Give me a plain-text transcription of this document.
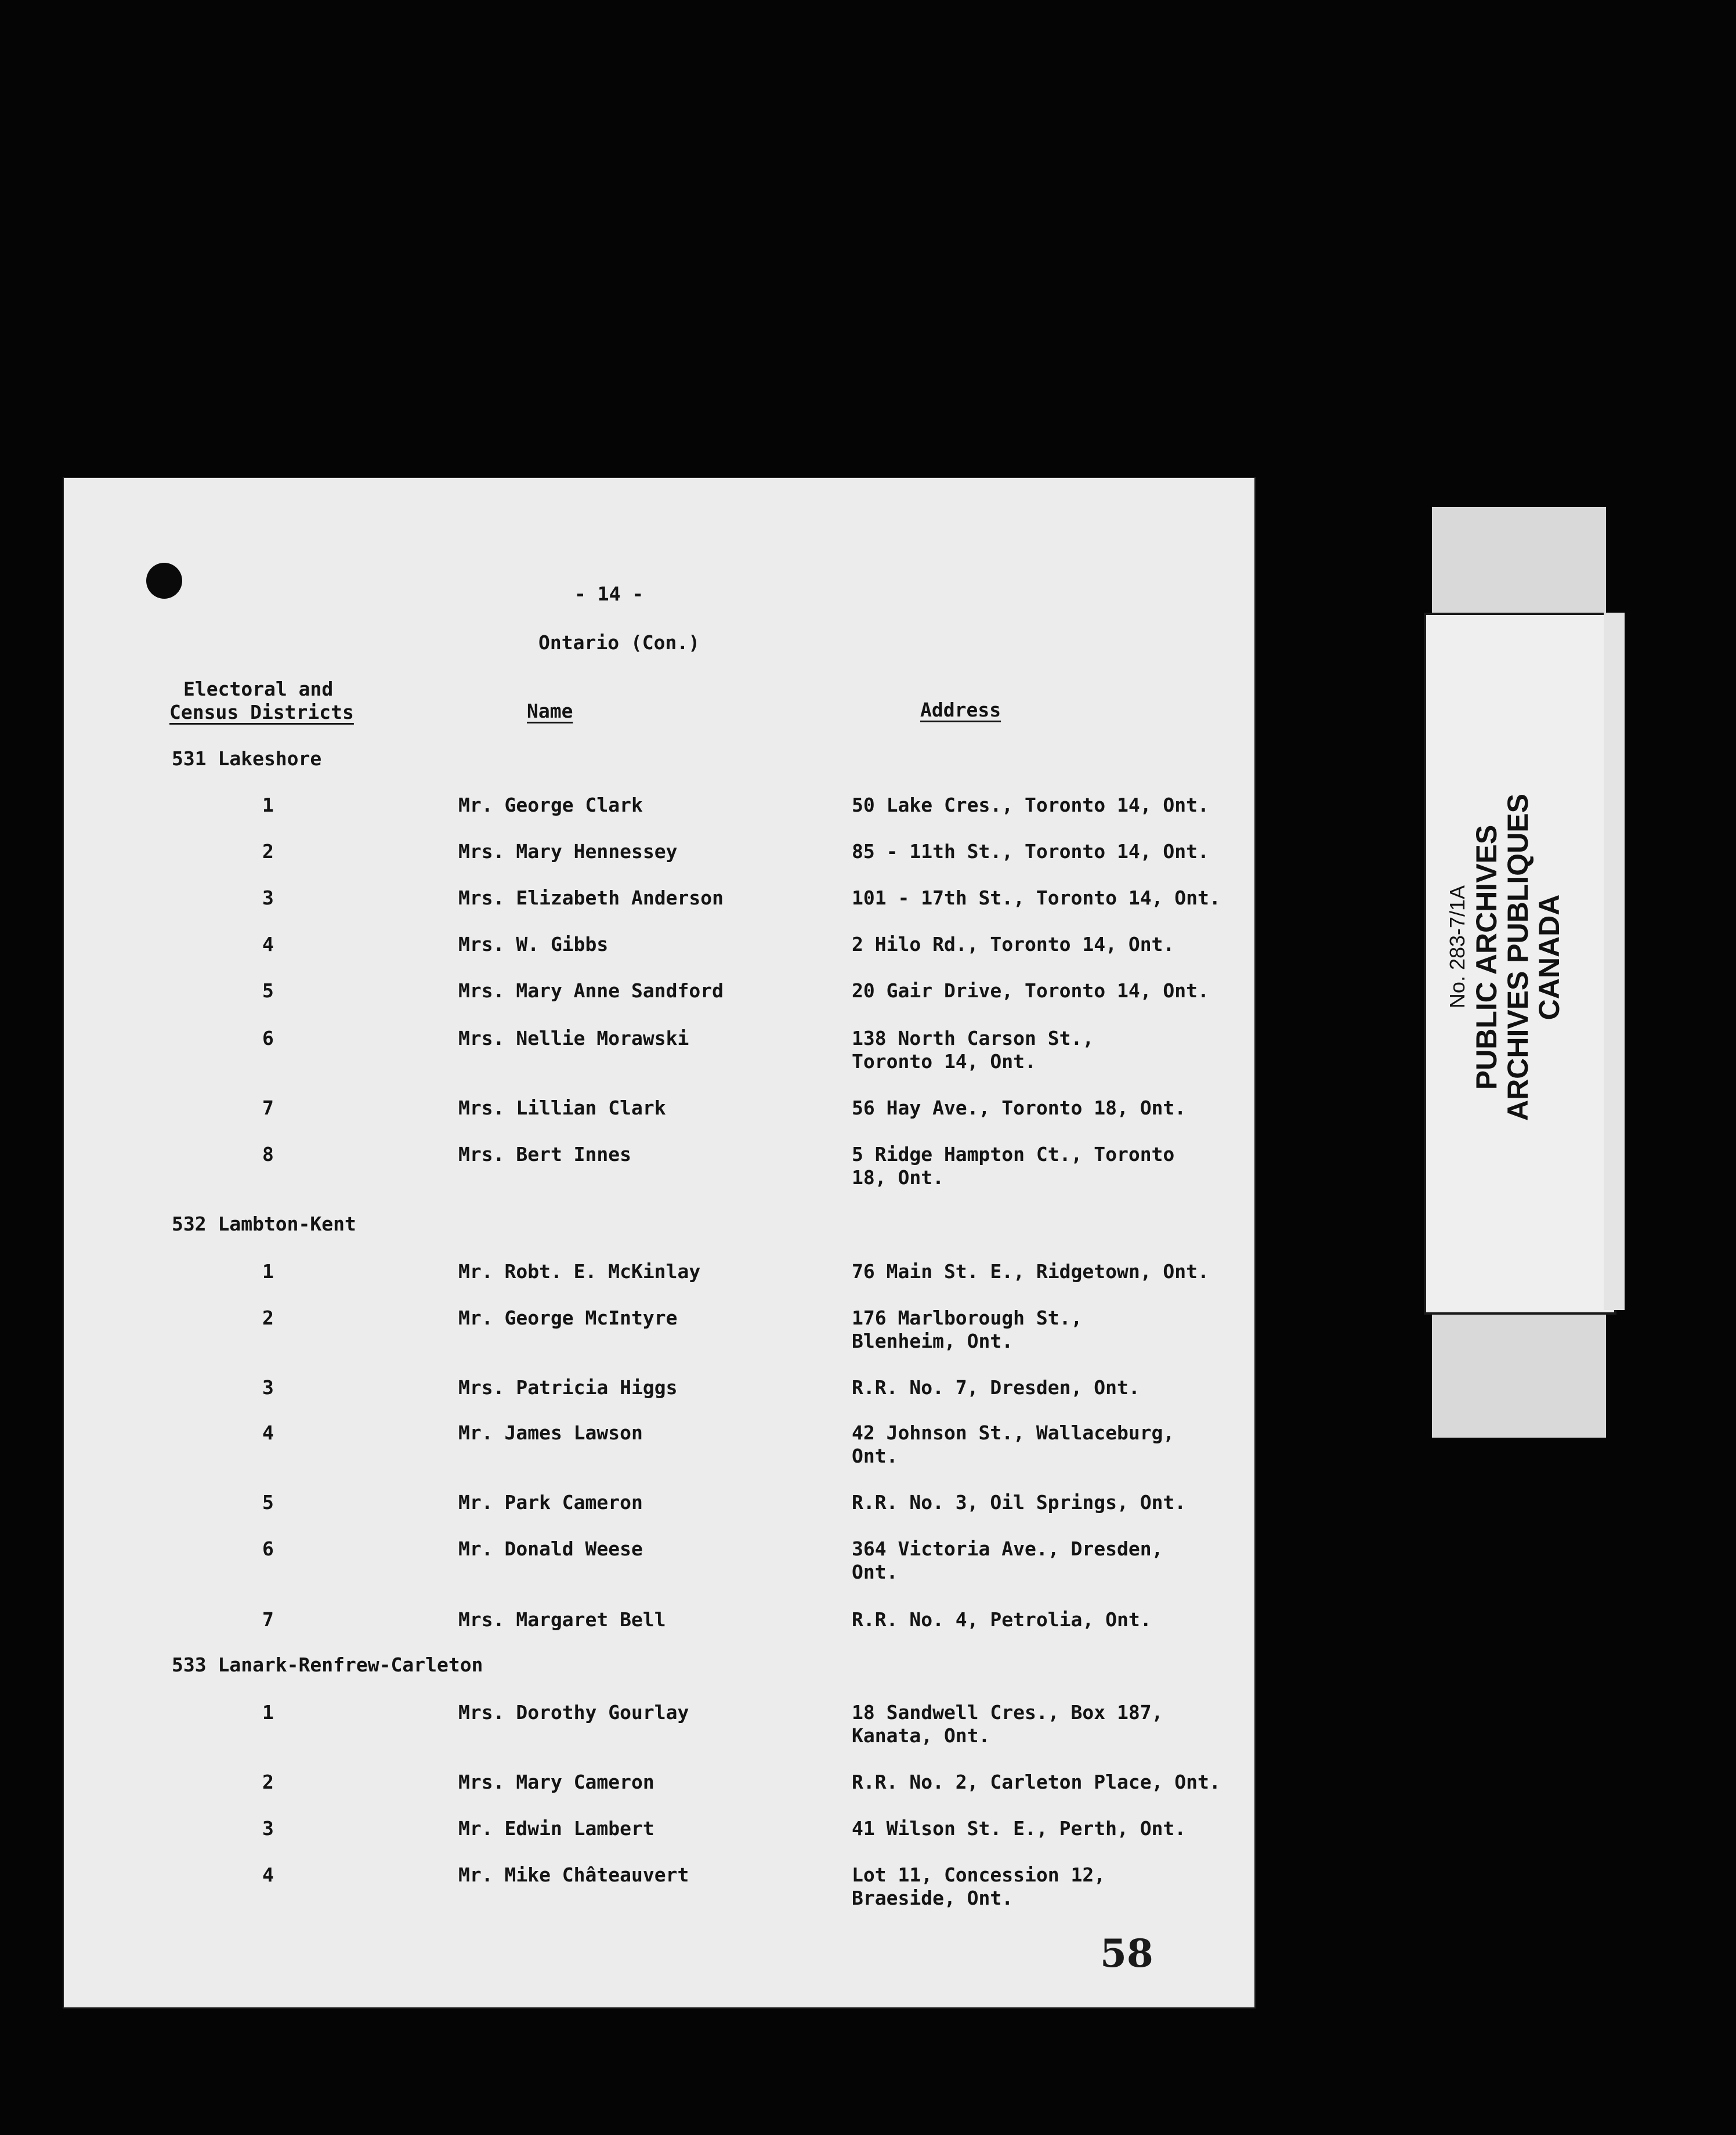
- 14 -
Ontario (Con.)
Electoral and
Census Districts	Name	Address
531 Lakeshore
1	Mr. George Clark	50 Lake Cres., Toronto 14, Ont.
2	Mrs. Mary Hennessey	85 - 11th St., Toronto 14, Ont.
3	Mrs. Elizabeth Anderson	101 - 17th St., Toronto 14, Ont.
4	Mrs. W. Gibbs	2 Hilo Rd., Toronto 14, Ont.
5	Mrs. Mary Anne Sandford	20 Gair Drive, Toronto 14, Ont.
6	Mrs. Nellie Morawski	138 North Carson St.,
Toronto 14, Ont.
7	Mrs. Lillian Clark	56 Hay Ave., Toronto 18, Ont.
8	Mrs. Bert Innes	5 Ridge Hampton Ct., Toronto
18, Ont.
532 Lambton-Kent
1	Mr. Robt. E. McKinlay	76 Main St. E., Ridgetown, Ont.
2	Mr. George McIntyre	176 Marlborough St.,
Blenheim, Ont.
3	Mrs. Patricia Higgs	R.R. No. 7, Dresden, Ont.
4	Mr. James Lawson	42 Johnson St., Wallaceburg,
Ont.
5	Mr. Park Cameron	R.R. No. 3, Oil Springs, Ont.
6	Mr. Donald Weese	364 Victoria Ave., Dresden,
Ont.
7	Mrs. Margaret Bell	R.R. No. 4, Petrolia, Ont.
533 Lanark-Renfrew-Carleton
1	Mrs. Dorothy Gourlay	18 Sandwell Cres., Box 187,
Kanata, Ont.
2	Mrs. Mary Cameron	R.R. No. 2, Carleton Place, Ont.
3	Mr. Edwin Lambert	41 Wilson St. E., Perth, Ont.
4	Mr. Mike Châteauvert	Lot 11, Concession 12,
Braeside, Ont.
58
No. 283-7/1A PUBLIC ARCHIVES
ARCHIVES PUBLIQUES
CANADA
